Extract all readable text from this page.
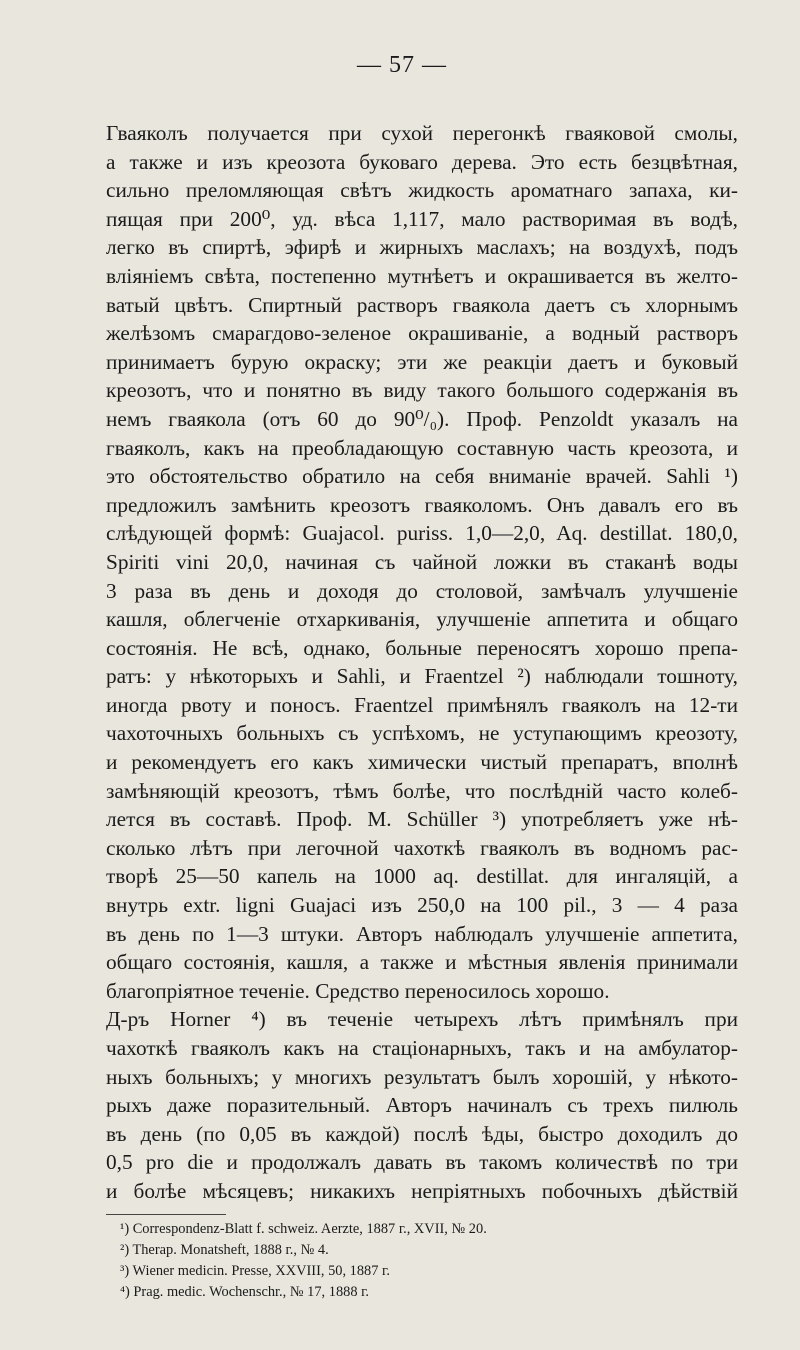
— 57 —
Гваяколъ получается при сухой перегонкѣ гваяковой смолы,
а также и изъ креозота буковаго дерева. Это есть безцвѣтная,
сильно преломляющая свѣтъ жидкость ароматнаго запаха, ки-
пящая при 200⁰, уд. вѣса 1,117, мало растворимая въ водѣ,
легко въ спиртѣ, эфирѣ и жирныхъ маслахъ; на воздухѣ, подъ
вліяніемъ свѣта, постепенно мутнѣетъ и окрашивается въ желто-
ватый цвѣтъ. Спиртный растворъ гваякола даетъ съ хлорнымъ
желѣзомъ смарагдово-зеленое окрашиваніе, а водный растворъ
принимаетъ бурую окраску; эти же реакціи даетъ и буковый
креозотъ, что и понятно въ виду такого большого содержанія въ
немъ гваякола (отъ 60 до 90⁰/₀). Проф. Penzoldt указалъ на
гваяколъ, какъ на преобладающую составную часть креозота, и
это обстоятельство обратило на себя вниманіе врачей. Sahli ¹)
предложилъ замѣнить креозотъ гваяколомъ. Онъ давалъ его въ
слѣдующей формѣ: Guajacol. puriss. 1,0—2,0, Aq. destillat. 180,0,
Spiriti vini 20,0, начиная съ чайной ложки въ стаканѣ воды
3 раза въ день и доходя до столовой, замѣчалъ улучшеніе
кашля, облегченіе отхаркиванія, улучшеніе аппетита и общаго
состоянія. Не всѣ, однако, больные переносятъ хорошо препа-
ратъ: у нѣкоторыхъ и Sahli, и Fraentzel ²) наблюдали тошноту,
иногда рвоту и поносъ. Fraentzel примѣнялъ гваяколъ на 12-ти
чахоточныхъ больныхъ съ успѣхомъ, не уступающимъ креозоту,
и рекомендуетъ его какъ химически чистый препаратъ, вполнѣ
замѣняющій креозотъ, тѣмъ болѣе, что послѣдній часто колеб-
лется въ составѣ. Проф. M. Schüller ³) употребляетъ уже нѣ-
сколько лѣтъ при легочной чахоткѣ гваяколъ въ водномъ рас-
творѣ 25—50 капель на 1000 aq. destillat. для ингаляцій, а
внутрь extr. ligni Guajaci изъ 250,0 на 100 pil., 3 — 4 раза
въ день по 1—3 штуки. Авторъ наблюдалъ улучшеніе аппетита,
общаго состоянія, кашля, а также и мѣстныя явленія принимали
благопріятное теченіе. Средство переносилось хорошо.
Д-ръ Horner ⁴) въ теченіе четырехъ лѣтъ примѣнялъ при
чахоткѣ гваяколъ какъ на стаціонарныхъ, такъ и на амбулатор-
ныхъ больныхъ; у многихъ результатъ былъ хорошій, у нѣкото-
рыхъ даже поразительный. Авторъ начиналъ съ трехъ пилюль
въ день (по 0,05 въ каждой) послѣ ѣды, быстро доходилъ до
0,5 pro die и продолжалъ давать въ такомъ количествѣ по три
и болѣе мѣсяцевъ; никакихъ непріятныхъ побочныхъ дѣйствій
¹) Correspondenz-Blatt f. schweiz. Aerzte, 1887 г., XVII, № 20.
²) Therap. Monatsheft, 1888 г., № 4.
³) Wiener medicin. Presse, XXVIII, 50, 1887 г.
⁴) Prag. medic. Wochenschr., № 17, 1888 г.
